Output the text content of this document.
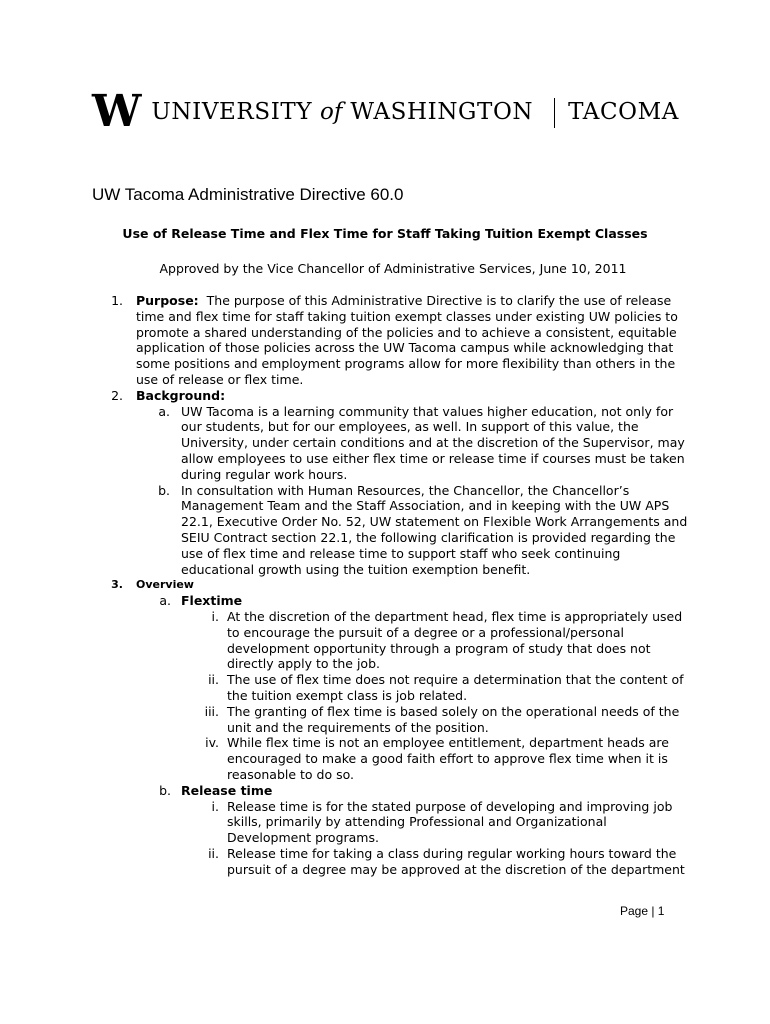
W UNIVERSITY of WASHINGTON TACOMA
UW Tacoma Administrative Directive 60.0
Use of Release Time and Flex Time for Staff Taking Tuition Exempt Classes
Approved by the Vice Chancellor of Administrative Services, June 10, 2011
1. Purpose: The purpose of this Administrative Directive is to clarify the use of release time and flex time for staff taking tuition exempt classes under existing UW policies to promote a shared understanding of the policies and to achieve a consistent, equitable application of those policies across the UW Tacoma campus while acknowledging that some positions and employment programs allow for more flexibility than others in the use of release or flex time.
2. Background:
a. UW Tacoma is a learning community that values higher education, not only for our students, but for our employees, as well. In support of this value, the University, under certain conditions and at the discretion of the Supervisor, may allow employees to use either flex time or release time if courses must be taken during regular work hours.
b. In consultation with Human Resources, the Chancellor, the Chancellor’s Management Team and the Staff Association, and in keeping with the UW APS 22.1, Executive Order No. 52, UW statement on Flexible Work Arrangements and SEIU Contract section 22.1, the following clarification is provided regarding the use of flex time and release time to support staff who seek continuing educational growth using the tuition exemption benefit.
3. Overview
a. Flextime
i. At the discretion of the department head, flex time is appropriately used to encourage the pursuit of a degree or a professional/personal development opportunity through a program of study that does not directly apply to the job.
ii. The use of flex time does not require a determination that the content of the tuition exempt class is job related.
iii. The granting of flex time is based solely on the operational needs of the unit and the requirements of the position.
iv. While flex time is not an employee entitlement, department heads are encouraged to make a good faith effort to approve flex time when it is reasonable to do so.
b. Release time
i. Release time is for the stated purpose of developing and improving job skills, primarily by attending Professional and Organizational Development programs.
ii. Release time for taking a class during regular working hours toward the pursuit of a degree may be approved at the discretion of the department
Page | 1
